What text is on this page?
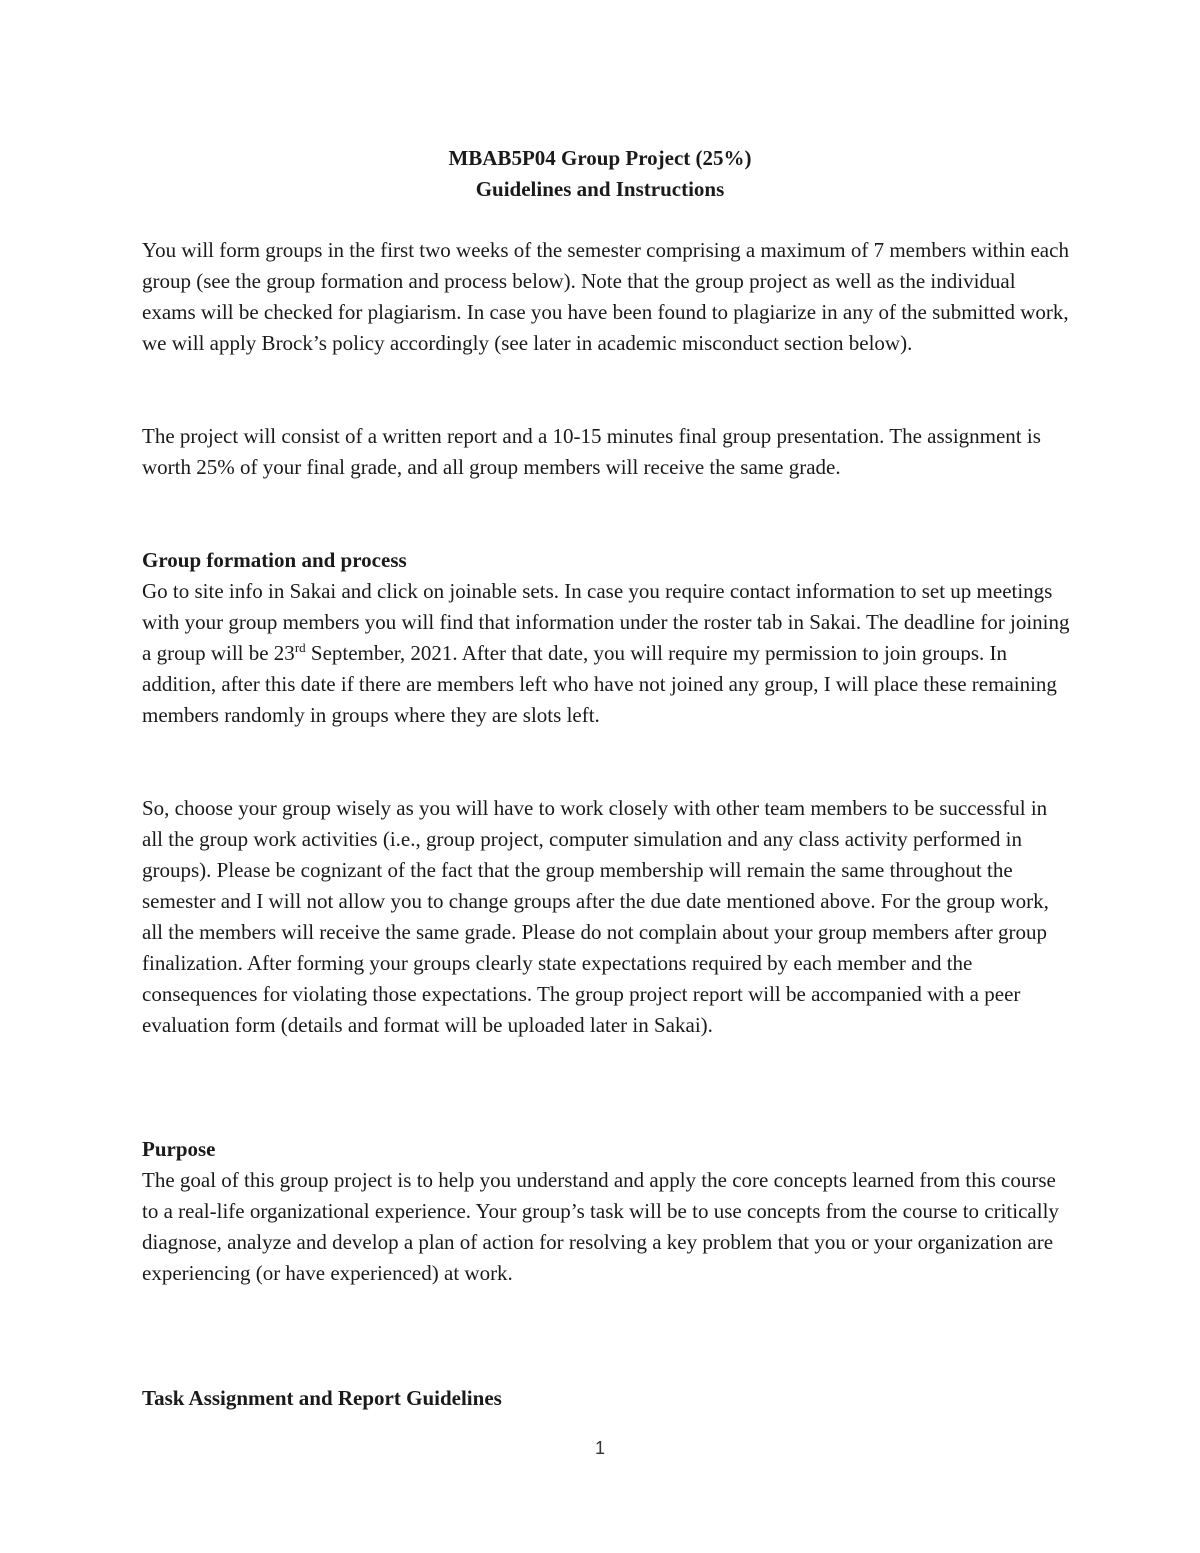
MBAB5P04 Group Project (25%)
Guidelines and Instructions

You will form groups in the first two weeks of the semester comprising a maximum of 7 members within each group (see the group formation and process below). Note that the group project as well as the individual exams will be checked for plagiarism. In case you have been found to plagiarize in any of the submitted work, we will apply Brock’s policy accordingly (see later in academic misconduct section below).

The project will consist of a written report and a 10-15 minutes final group presentation. The assignment is worth 25% of your final grade, and all group members will receive the same grade.

Group formation and process

Go to site info in Sakai and click on joinable sets. In case you require contact information to set up meetings with your group members you will find that information under the roster tab in Sakai. The deadline for joining a group will be 23rd September, 2021. After that date, you will require my permission to join groups. In addition, after this date if there are members left who have not joined any group, I will place these remaining members randomly in groups where they are slots left.

So, choose your group wisely as you will have to work closely with other team members to be successful in all the group work activities (i.e., group project, computer simulation and any class activity performed in groups). Please be cognizant of the fact that the group membership will remain the same throughout the semester and I will not allow you to change groups after the due date mentioned above. For the group work, all the members will receive the same grade. Please do not complain about your group members after group finalization. After forming your groups clearly state expectations required by each member and the consequences for violating those expectations. The group project report will be accompanied with a peer evaluation form (details and format will be uploaded later in Sakai).

Purpose

The goal of this group project is to help you understand and apply the core concepts learned from this course to a real-life organizational experience. Your group’s task will be to use concepts from the course to critically diagnose, analyze and develop a plan of action for resolving a key problem that you or your organization are experiencing (or have experienced) at work.

Task Assignment and Report Guidelines

1
